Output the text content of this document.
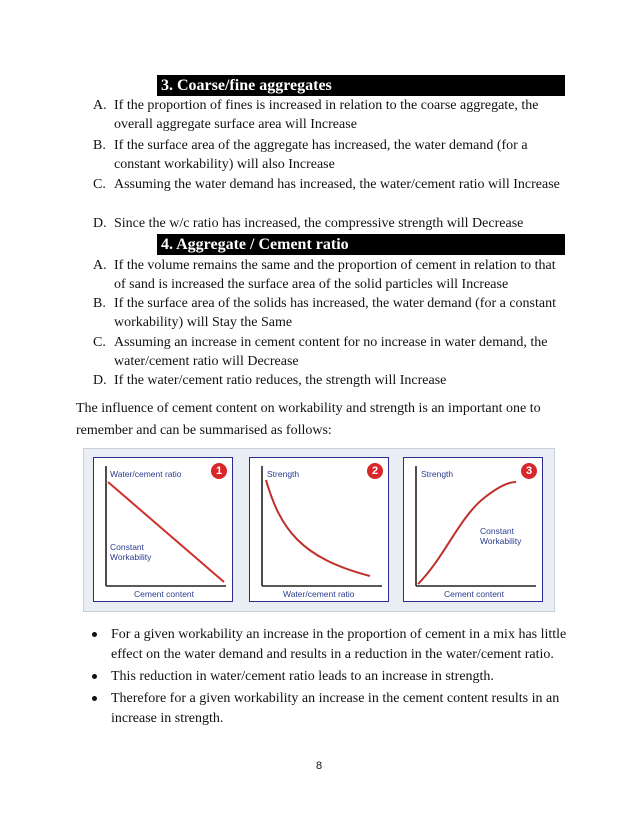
3. Coarse/fine aggregates
A. If the proportion of fines is increased in relation to the coarse aggregate, the overall aggregate surface area will Increase
B. If the surface area of the aggregate has increased, the water demand (for a constant workability) will also Increase
C. Assuming the water demand has increased, the water/cement ratio will Increase
D. Since the w/c ratio has increased, the compressive strength will Decrease
4. Aggregate / Cement ratio
A. If the volume remains the same and the proportion of cement in relation to that of sand is increased the surface area of the solid particles will Increase
B. If the surface area of the solids has increased, the water demand (for a constant workability) will Stay the Same
C. Assuming an increase in cement content for no increase in water demand, the water/cement ratio will Decrease
D. If the water/cement ratio reduces, the strength will Increase
The influence of cement content on workability and strength is an important one to remember and can be summarised as follows:
Water/cement ratio
Constant
Workability
Cement content
1	Strength
Water/cement ratio
2	Strength
Constant
Workability
Cement content
3
For a given workability an increase in the proportion of cement in a mix has little effect on the water demand and results in a reduction in the water/cement ratio.
This reduction in water/cement ratio leads to an increase in strength.
Therefore for a given workability an increase in the cement content results in an increase in strength.
8
